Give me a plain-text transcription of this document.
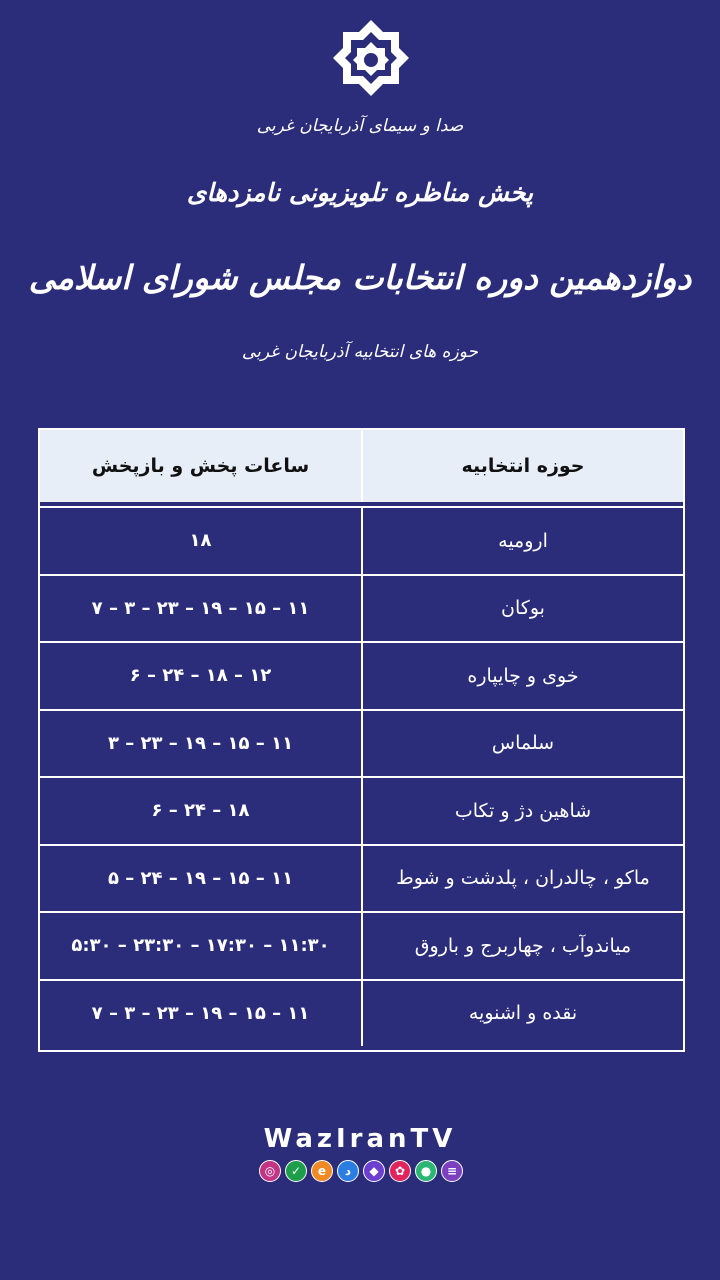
صدا و سیمای آذربایجان غربی
پخش مناظره تلویزیونی نامزدهای
دوازدهمین دوره انتخابات مجلس شورای اسلامی
حوزه های انتخابیه آذربایجان غربی
حوزه انتخابیه
ساعات پخش و بازپخش
ارومیه
۱۸
بوکان
۱۱ – ۱۵ – ۱۹ – ۲۳ – ۳ – ۷
خوی و چایپاره
۱۲ – ۱۸ – ۲۴ – ۶
سلماس
۱۱ – ۱۵ – ۱۹ – ۲۳ – ۳
شاهین دژ و تکاب
۱۸ – ۲۴ – ۶
ماکو ، چالدران ، پلدشت و شوط
۱۱ – ۱۵ – ۱۹ – ۲۴ – ۵
میاندوآب ، چهاربرج و باروق
۱۱:۳۰ – ۱۷:۳۰ – ۲۳:۳۰ – ۵:۳۰
نقده و اشنویه
۱۱ – ۱۵ – ۱۹ – ۲۳ – ۳ – ۷
WazIranTV
◎	✓	e	د	◆	✿	●	≡
